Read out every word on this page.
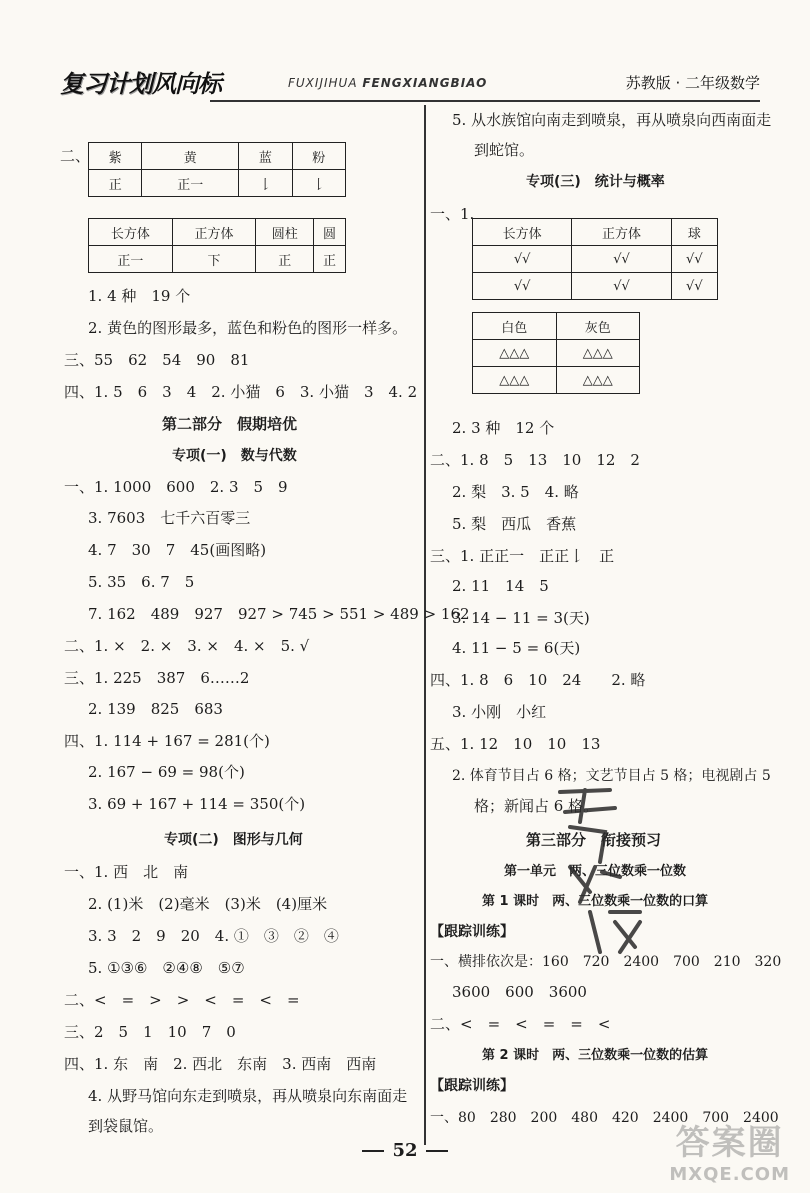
复习计划风向标	FUXIJIHUA FENGXIANGBIAO	苏教版 · 二年级数学
二、 紫	黄	蓝	粉
正	正一	𠄌	𠄌
长方体	正方体	圆柱	圆
正一	下	正	正
1. 4 种　19 个
2. 黄色的图形最多，蓝色和粉色的图形一样多。
三、55　62　54　90　81
四、1. 5　6　3　4　2. 小猫　6　3. 小猫　3　4. 2
第二部分　假期培优
专项(一)　数与代数
一、1. 1000　600　2. 3　5　9
3. 7603　七千六百零三
4. 7　30　7　45(画图略)
5. 35　6. 7　5
7. 162　489　927　927 > 745 > 551 > 489 > 162
二、1. ×　2. ×　3. ×　4. ×　5. √
三、1. 225　387　6……2
2. 139　825　683
四、1. 114 + 167 = 281(个)
2. 167 − 69 = 98(个)
3. 69 + 167 + 114 = 350(个)
专项(二)　图形与几何
一、1. 西　北　南
2. (1)米　(2)毫米　(3)米　(4)厘米
3. 3　2　9　20　4. ①　③　②　④
5. ①③⑥　②④⑧　⑤⑦
二、<　=　>　>　<　=　<　=
三、2　5　1　10　7　0
四、1. 东　南　2. 西北　东南　3. 西南　西南
4. 从野马馆向东走到喷泉，再从喷泉向东南面走
到袋鼠馆。
5. 从水族馆向南走到喷泉，再从喷泉向西南面走
到蛇馆。
专项(三)　统计与概率
一、1.
长方体	正方体	球
√√	√√	√√
√√	√√	√√
白色	灰色
△△△	△△△
△△△	△△△
2. 3 种　12 个
二、1. 8　5　13　10　12　2
2. 梨　3. 5　4. 略
5. 梨　西瓜　香蕉
三、1. 正正一　正正𠄌　正
2. 11　14　5
3. 14 − 11 = 3(天)
4. 11 − 5 = 6(天)
四、1. 8　6　10　24　　2. 略
3. 小刚　小红
五、1. 12　10　10　13
2. 体育节目占 6 格；文艺节目占 5 格；电视剧占 5
格；新闻占 6 格。
第三部分　衔接预习
第一单元　两、三位数乘一位数
第 1 课时　两、三位数乘一位数的口算
【跟踪训练】
一、横排依次是：160　720　2400　700　210　320
3600　600　3600
二、<　=　<　=　=　<
第 2 课时　两、三位数乘一位数的估算
【跟踪训练】
一、80　280　200　480　420　2400　700　2400
52	答案圈
MXQE.COM
